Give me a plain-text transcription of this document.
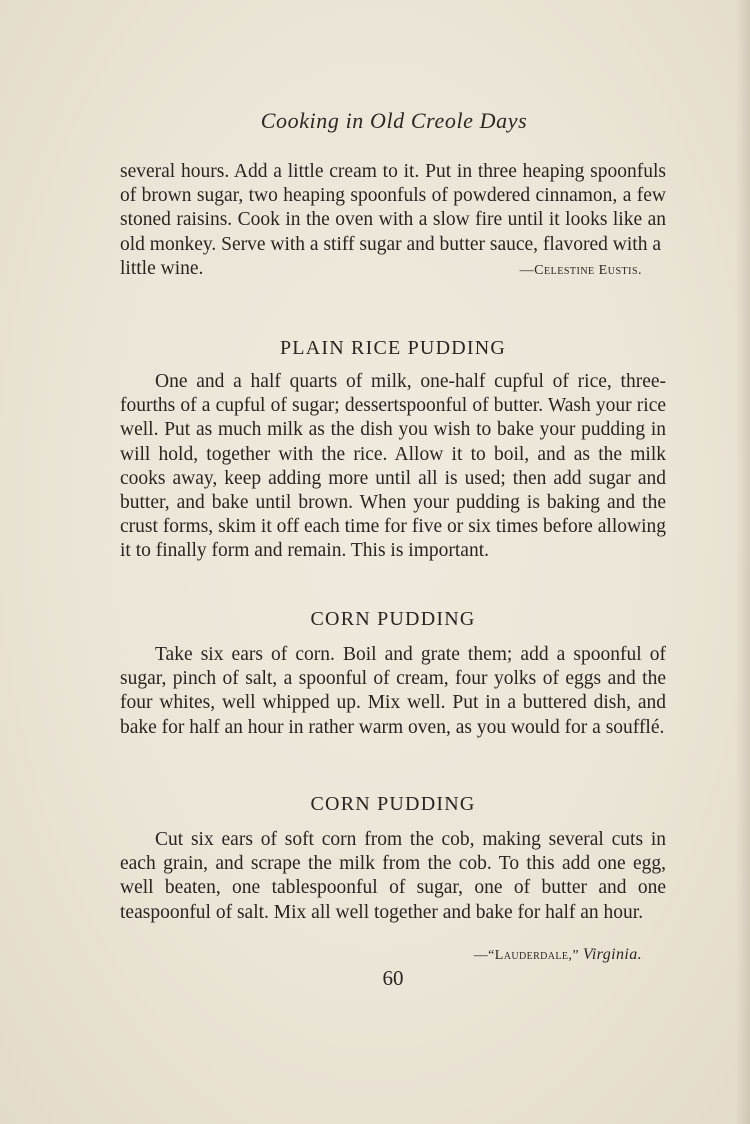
Cooking in Old Creole Days

several hours. Add a little cream to it. Put in three heaping spoonfuls of brown sugar, two heaping spoonfuls of powdered cinnamon, a few stoned raisins. Cook in the oven with a slow fire until it looks like an old monkey. Serve with a stiff sugar and butter sauce, flavored with a

little wine.	—Celestine Eustis.
PLAIN RICE PUDDING

One and a half quarts of milk, one-half cupful of rice, three-fourths of a cupful of sugar; dessertspoonful of butter. Wash your rice well. Put as much milk as the dish you wish to bake your pudding in will hold, together with the rice. Allow it to boil, and as the milk cooks away, keep adding more until all is used; then add sugar and butter, and bake until brown. When your pudding is baking and the crust forms, skim it off each time for five or six times before allowing it to finally form and remain. This is important.

CORN PUDDING

Take six ears of corn. Boil and grate them; add a spoonful of sugar, pinch of salt, a spoonful of cream, four yolks of eggs and the four whites, well whipped up. Mix well. Put in a buttered dish, and bake for half an hour in rather warm oven, as you would for a soufflé.

CORN PUDDING

Cut six ears of soft corn from the cob, making several cuts in each grain, and scrape the milk from the cob. To this add one egg, well beaten, one tablespoonful of sugar, one of butter and one teaspoonful of salt. Mix all well together and bake for half an hour.

—“Lauderdale,” Virginia.
60
